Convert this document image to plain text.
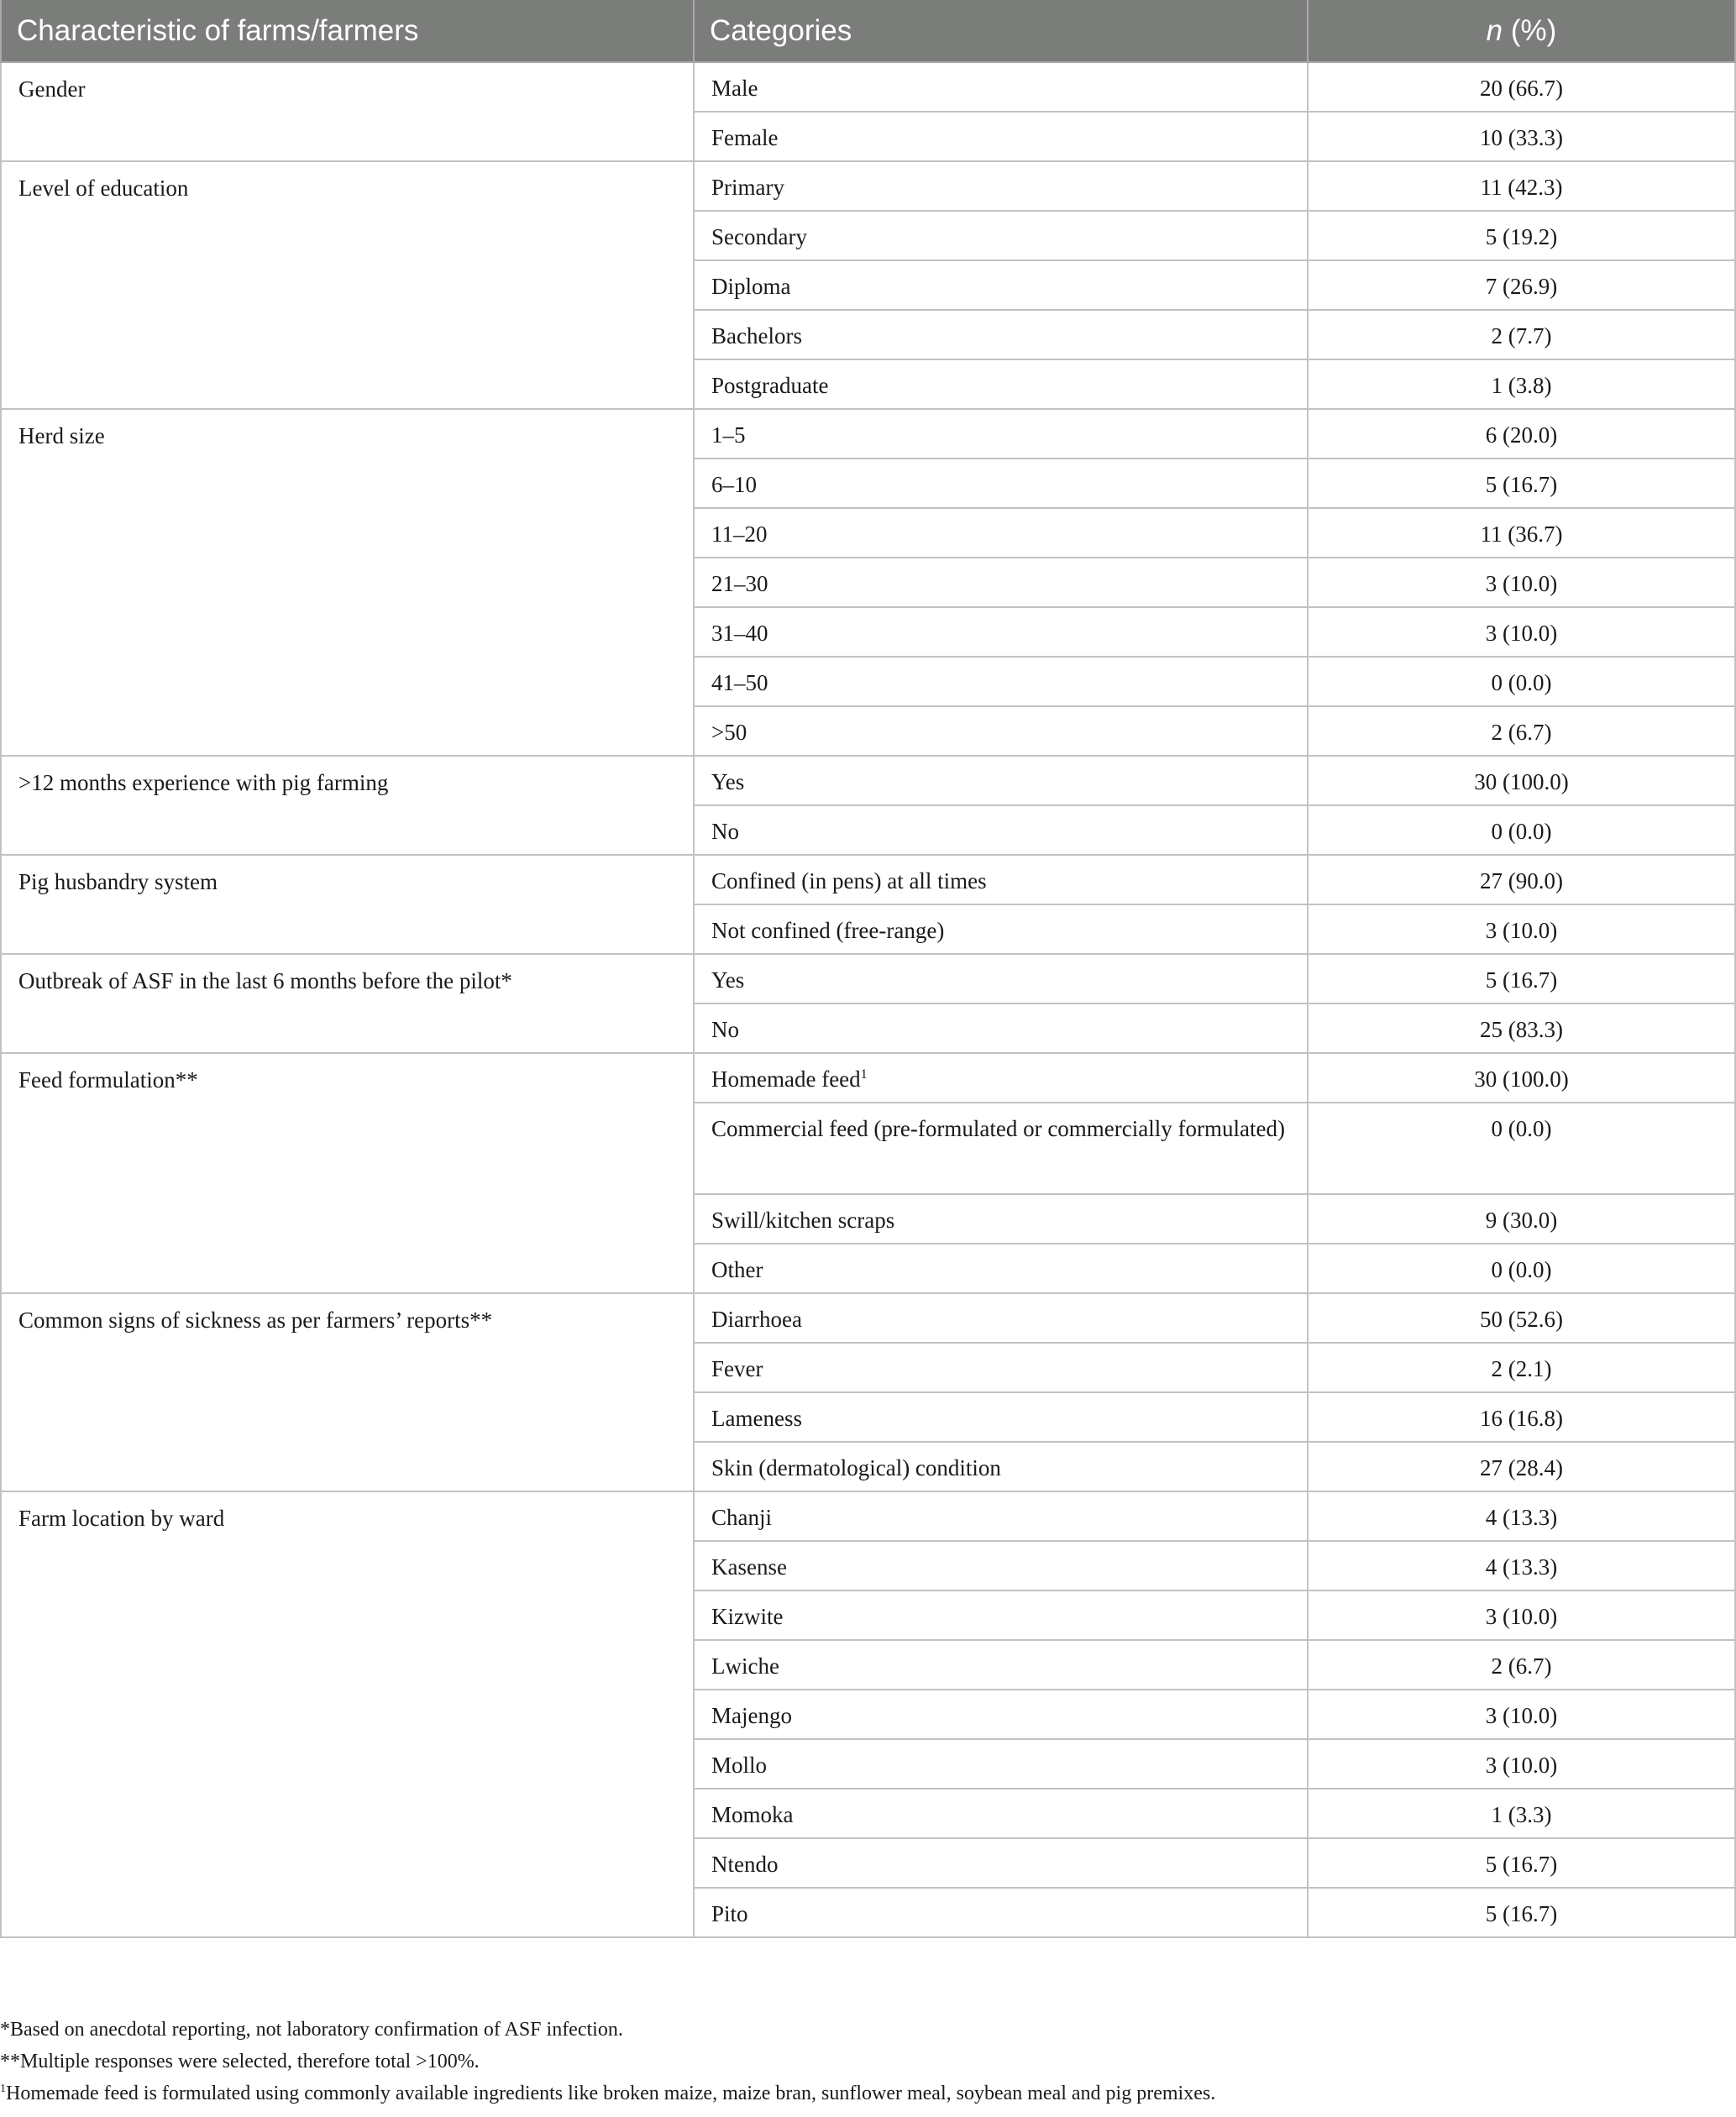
Characteristic of farms/farmers	Categories	n (%)
Gender	Male	20 (66.7)
	Female	10 (33.3)
Level of education	Primary	11 (42.3)
	Secondary	5 (19.2)
	Diploma	7 (26.9)
	Bachelors	2 (7.7)
	Postgraduate	1 (3.8)
Herd size	1–5	6 (20.0)
	6–10	5 (16.7)
	11–20	11 (36.7)
	21–30	3 (10.0)
	31–40	3 (10.0)
	41–50	0 (0.0)
	>50	2 (6.7)
>12 months experience with pig farming	Yes	30 (100.0)
	No	0 (0.0)
Pig husbandry system	Confined (in pens) at all times	27 (90.0)
	Not confined (free-range)	3 (10.0)
Outbreak of ASF in the last 6 months before the pilot*	Yes	5 (16.7)
	No	25 (83.3)
Feed formulation**	Homemade feed$^1$	30 (100.0)
	Commercial feed (pre-formulated or commercially formulated)	0 (0.0)
	Swill/kitchen scraps	9 (30.0)
	Other	0 (0.0)
Common signs of sickness as per farmers’ reports**	Diarrhoea	50 (52.6)
	Fever	2 (2.1)
	Lameness	16 (16.8)
	Skin (dermatological) condition	27 (28.4)
Farm location by ward	Chanji	4 (13.3)
	Kasense	4 (13.3)
	Kizwite	3 (10.0)
	Lwiche	2 (6.7)
	Majengo	3 (10.0)
	Mollo	3 (10.0)
	Momoka	1 (3.3)
	Ntendo	5 (16.7)
	Pito	5 (16.7)
*Based on anecdotal reporting, not laboratory confirmation of ASF infection.
**Multiple responses were selected, therefore total >100%.
$^1$Homemade feed is formulated using commonly available ingredients like broken maize, maize bran, sunflower meal, soybean meal and pig premixes.
